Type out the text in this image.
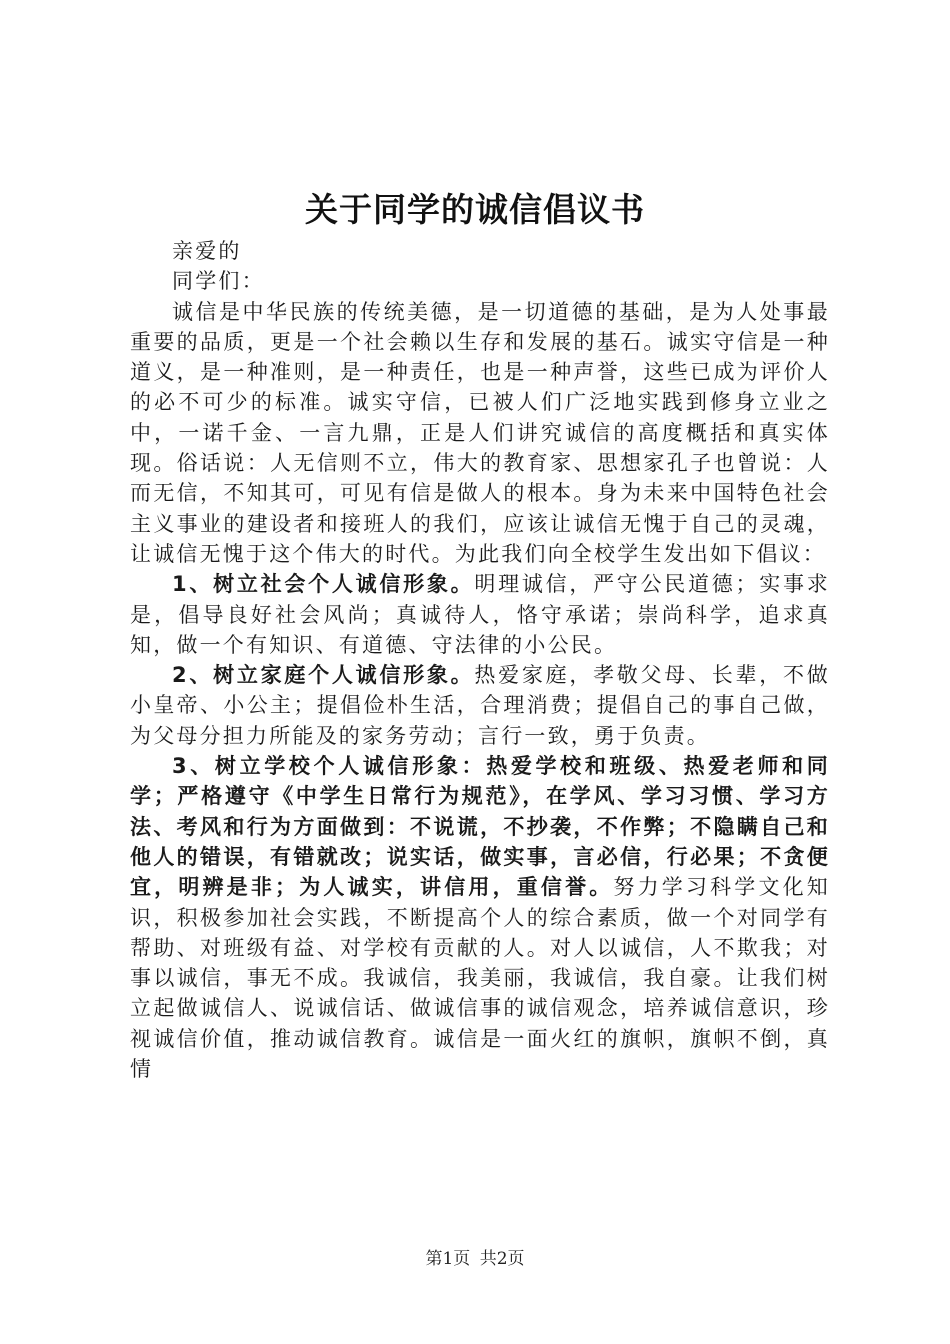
关于同学的诚信倡议书
亲爱的
同学们：

诚信是中华民族的传统美德，是一切道德的基础，是为人处事最重要的品质，更是一个社会赖以生存和发展的基石。诚实守信是一种道义，是一种准则，是一种责任，也是一种声誉，这些已成为评价人的必不可少的标准。诚实守信，已被人们广泛地实践到修身立业之中，一诺千金、一言九鼎，正是人们讲究诚信的高度概括和真实体现。俗话说：人无信则不立，伟大的教育家、思想家孔子也曾说：人而无信，不知其可，可见有信是做人的根本。身为未来中国特色社会主义事业的建设者和接班人的我们，应该让诚信无愧于自己的灵魂，让诚信无愧于这个伟大的时代。为此我们向全校学生发出如下倡议：

1、树立社会个人诚信形象。明理诚信，严守公民道德；实事求是，倡导良好社会风尚；真诚待人，恪守承诺；崇尚科学，追求真知，做一个有知识、有道德、守法律的小公民。

2、树立家庭个人诚信形象。热爱家庭，孝敬父母、长辈，不做小皇帝、小公主；提倡俭朴生活，合理消费；提倡自己的事自己做，为父母分担力所能及的家务劳动；言行一致，勇于负责。

3、树立学校个人诚信形象：热爱学校和班级、热爱老师和同学；严格遵守《中学生日常行为规范》，在学风、学习习惯、学习方法、考风和行为方面做到：不说谎，不抄袭，不作弊；不隐瞒自己和他人的错误，有错就改；说实话，做实事，言必信，行必果；不贪便宜，明辨是非；为人诚实，讲信用，重信誉。努力学习科学文化知识，积极参加社会实践，不断提高个人的综合素质，做一个对同学有帮助、对班级有益、对学校有贡献的人。对人以诚信，人不欺我；对事以诚信，事无不成。我诚信，我美丽，我诚信，我自豪。让我们树立起做诚信人、说诚信话、做诚信事的诚信观念，培养诚信意识，珍视诚信价值，推动诚信教育。诚信是一面火红的旗帜，旗帜不倒，真情

第1页 共2页
